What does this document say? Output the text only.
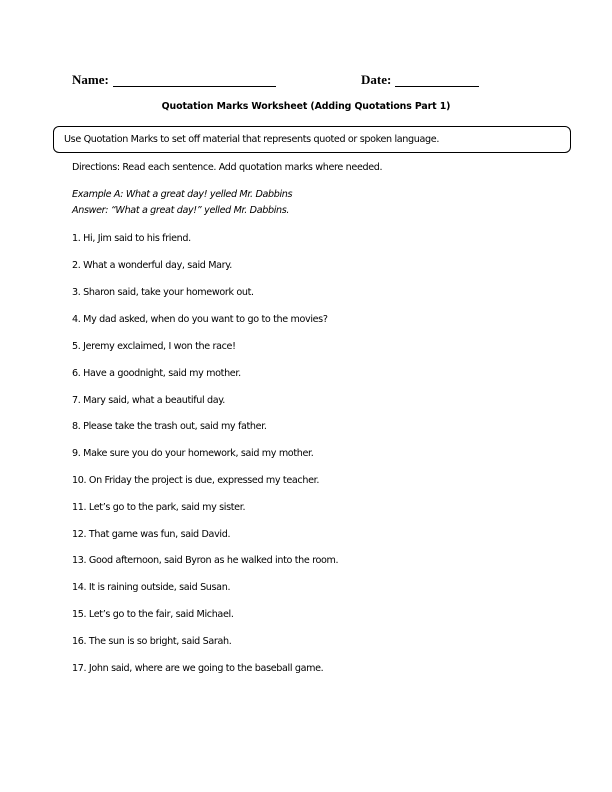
Name:	Date:
Quotation Marks Worksheet (Adding Quotations Part 1)
Use Quotation Marks to set off material that represents quoted or spoken language.
Directions: Read each sentence. Add quotation marks where needed.
Example A: What a great day! yelled Mr. Dabbins
Answer: “What a great day!” yelled Mr. Dabbins.
1. Hi, Jim said to his friend.
2. What a wonderful day, said Mary.
3. Sharon said, take your homework out.
4. My dad asked, when do you want to go to the movies?
5. Jeremy exclaimed, I won the race!
6. Have a goodnight, said my mother.
7. Mary said, what a beautiful day.
8. Please take the trash out, said my father.
9. Make sure you do your homework, said my mother.
10. On Friday the project is due, expressed my teacher.
11. Let’s go to the park, said my sister.
12. That game was fun, said David.
13. Good afternoon, said Byron as he walked into the room.
14. It is raining outside, said Susan.
15. Let’s go to the fair, said Michael.
16. The sun is so bright, said Sarah.
17. John said, where are we going to the baseball game.
